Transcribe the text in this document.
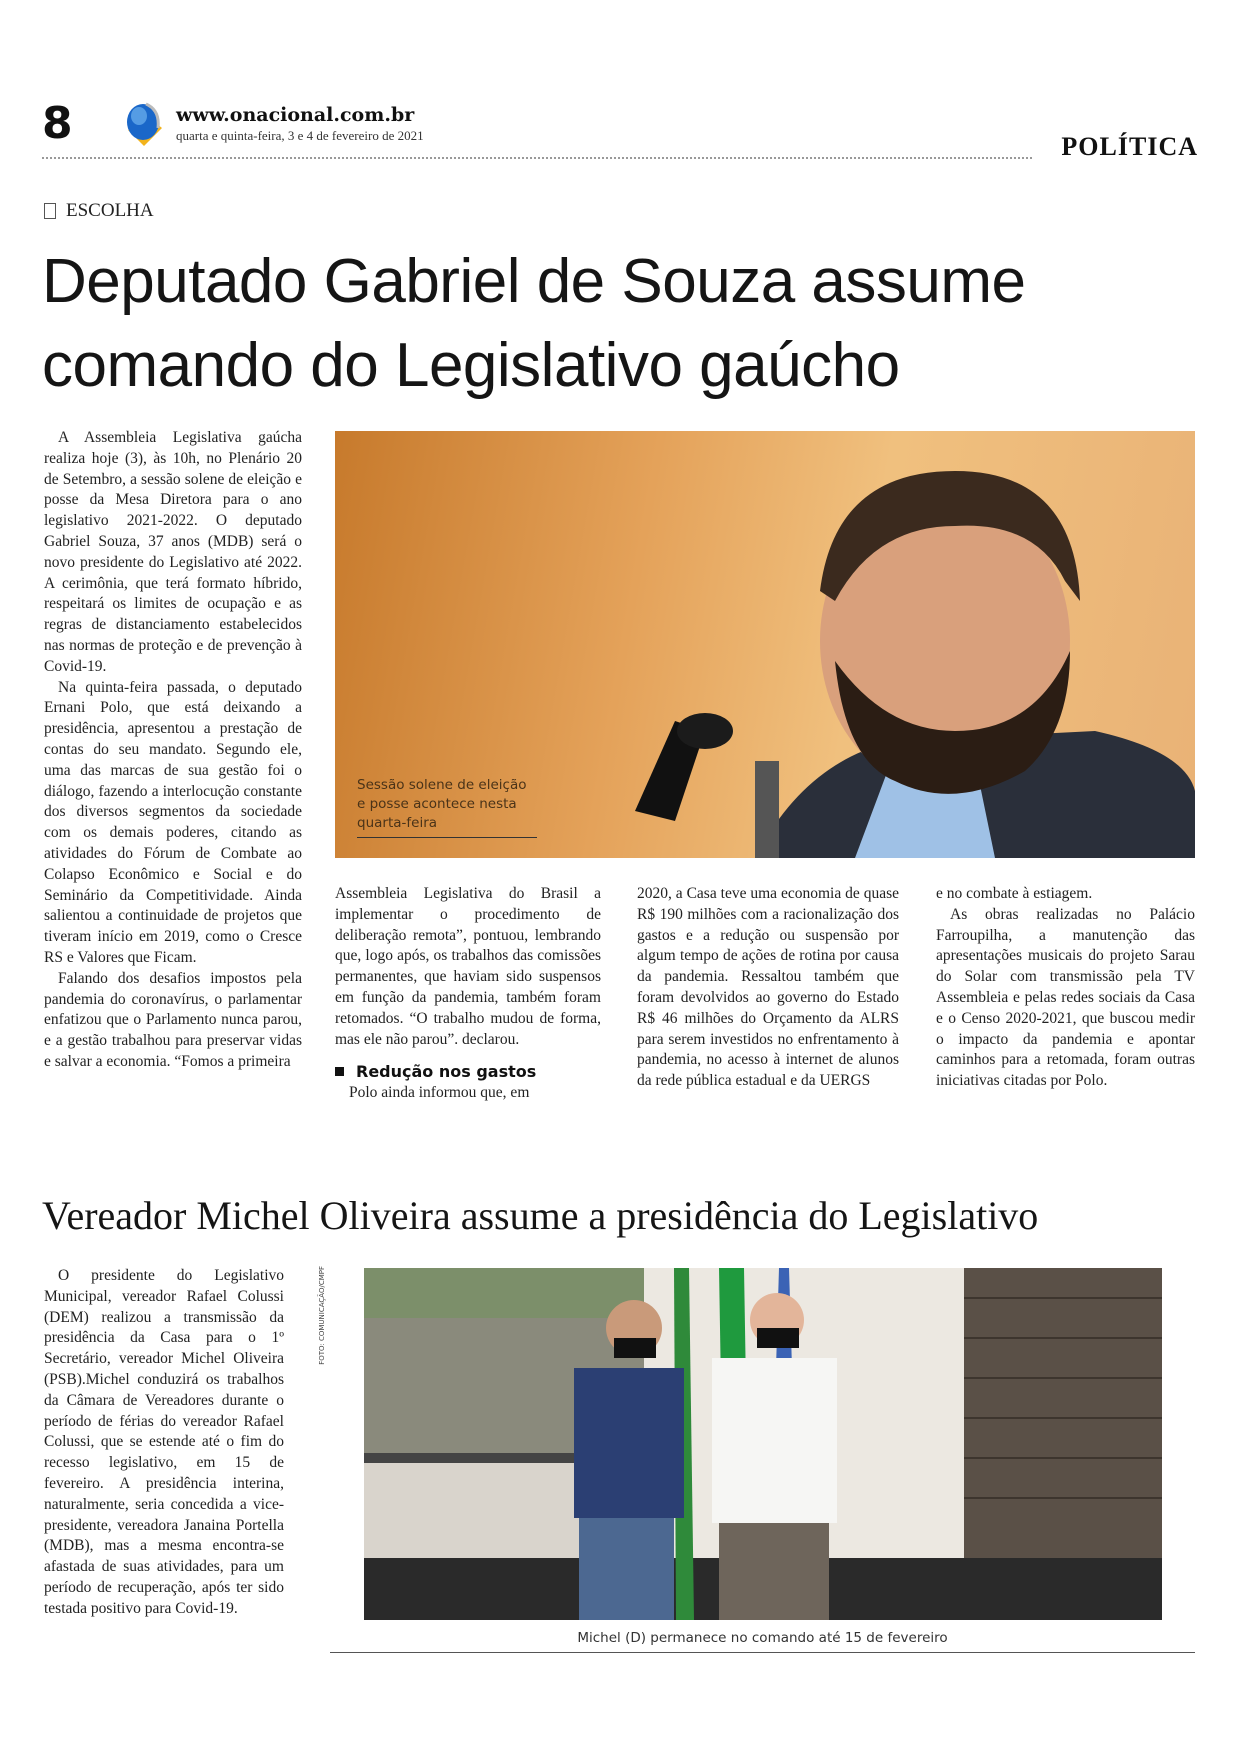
8	www.onacional.com.br
quarta e quinta-feira, 3 e 4 de fevereiro de 2021	POLÍTICA
ESCOLHA
Deputado Gabriel de Souza assume comando do Legislativo gaúcho

A Assembleia Legislativa gaúcha realiza hoje (3), às 10h, no Plenário 20 de Setembro, a sessão solene de eleição e posse da Mesa Diretora para o ano legislativo 2021-2022. O deputado Gabriel Souza, 37 anos (MDB) será o novo presidente do Legislativo até 2022. A cerimônia, que terá formato híbrido, respeitará os limites de ocupação e as regras de distanciamento estabelecidos nas normas de proteção e de prevenção à Covid-19.

Na quinta-feira passada, o deputado Ernani Polo, que está deixando a presidência, apresentou a prestação de contas do seu mandato. Segundo ele, uma das marcas de sua gestão foi o diálogo, fazendo a interlocução constante dos diversos segmentos da sociedade com os demais poderes, citando as atividades do Fórum de Combate ao Colapso Econômico e Social e do Seminário da Competitividade. Ainda salientou a continuidade de projetos que tiveram início em 2019, como o Cresce RS e Valores que Ficam.

Falando dos desafios impostos pela pandemia do coronavírus, o parlamentar enfatizou que o Parlamento nunca parou, e a gestão trabalhou para preservar vidas e salvar a economia. “Fomos a primeira

Sessão solene de eleição e posse acontece nesta quarta-feira

Assembleia Legislativa do Brasil a implementar o procedimento de deliberação remota”, pontuou, lembrando que, logo após, os trabalhos das comissões permanentes, que haviam sido suspensos em função da pandemia, também foram retomados. “O trabalho mudou de forma, mas ele não parou”. declarou.

Redução nos gastos

Polo ainda informou que, em

2020, a Casa teve uma economia de quase R$ 190 milhões com a racionalização dos gastos e a redução ou suspensão por algum tempo de ações de rotina por causa da pandemia. Ressaltou também que foram devolvidos ao governo do Estado R$ 46 milhões do Orçamento da ALRS para serem investidos no enfrentamento à pandemia, no acesso à internet de alunos da rede pública estadual e da UERGS

e no combate à estiagem.

As obras realizadas no Palácio Farroupilha, a manutenção das apresentações musicais do projeto Sarau do Solar com transmissão pela TV Assembleia e pelas redes sociais da Casa e o Censo 2020-2021, que buscou medir o impacto da pandemia e apontar caminhos para a retomada, foram outras iniciativas citadas por Polo.

Vereador Michel Oliveira assume a presidência do Legislativo

O presidente do Legislativo Municipal, vereador Rafael Colussi (DEM) realizou a transmissão da presidência da Casa para o 1º Secretário, vereador Michel Oliveira (PSB).Michel conduzirá os trabalhos da Câmara de Vereadores durante o período de férias do vereador Rafael Colussi, que se estende até o fim do recesso legislativo, em 15 de fevereiro. A presidência interina, naturalmente, seria concedida a vice-presidente, vereadora Janaina Portella (MDB), mas a mesma encontra-se afastada de suas atividades, para um período de recuperação, após ter sido testada positivo para Covid-19.

FOTO: COMUNICAÇÃO/CMPF
Michel (D) permanece no comando até 15 de fevereiro
